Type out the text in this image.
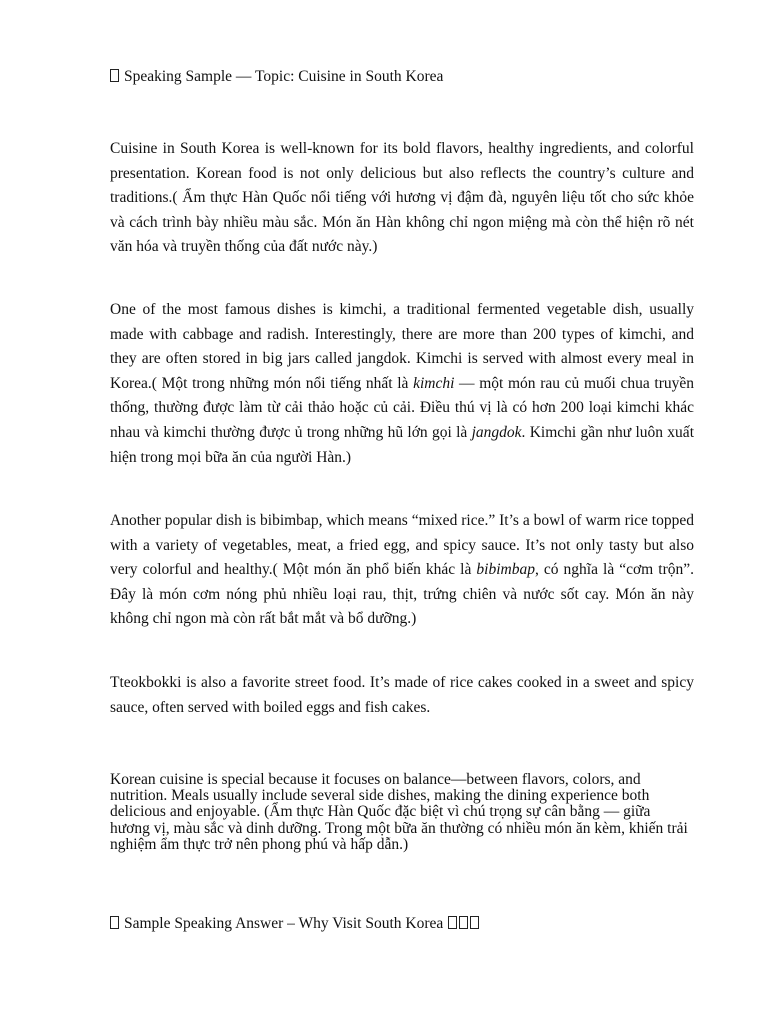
Speaking Sample — Topic: Cuisine in South Korea

Cuisine in South Korea is well-known for its bold flavors, healthy ingredients, and colorful presentation. Korean food is not only delicious but also reflects the country’s culture and traditions.( Ẩm thực Hàn Quốc nổi tiếng với hương vị đậm đà, nguyên liệu tốt cho sức khỏe và cách trình bày nhiều màu sắc. Món ăn Hàn không chỉ ngon miệng mà còn thể hiện rõ nét văn hóa và truyền thống của đất nước này.)

One of the most famous dishes is kimchi, a traditional fermented vegetable dish, usually made with cabbage and radish. Interestingly, there are more than 200 types of kimchi, and they are often stored in big jars called jangdok. Kimchi is served with almost every meal in Korea.( Một trong những món nổi tiếng nhất là kimchi — một món rau củ muối chua truyền thống, thường được làm từ cải thảo hoặc củ cải. Điều thú vị là có hơn 200 loại kimchi khác nhau và kimchi thường được ủ trong những hũ lớn gọi là jangdok. Kimchi gần như luôn xuất hiện trong mọi bữa ăn của người Hàn.)

Another popular dish is bibimbap, which means “mixed rice.” It’s a bowl of warm rice topped with a variety of vegetables, meat, a fried egg, and spicy sauce. It’s not only tasty but also very colorful and healthy.( Một món ăn phổ biến khác là bibimbap, có nghĩa là “cơm trộn”. Đây là món cơm nóng phủ nhiều loại rau, thịt, trứng chiên và nước sốt cay. Món ăn này không chỉ ngon mà còn rất bắt mắt và bổ dưỡng.)

Tteokbokki is also a favorite street food. It’s made of rice cakes cooked in a sweet and spicy sauce, often served with boiled eggs and fish cakes.

Korean cuisine is special because it focuses on balance—between flavors, colors, and nutrition. Meals usually include several side dishes, making the dining experience both delicious and enjoyable. (Ẩm thực Hàn Quốc đặc biệt vì chú trọng sự cân bằng — giữa hương vị, màu sắc và dinh dưỡng. Trong một bữa ăn thường có nhiều món ăn kèm, khiến trải nghiệm ẩm thực trở nên phong phú và hấp dẫn.)

Sample Speaking Answer – Why Visit South Korea
